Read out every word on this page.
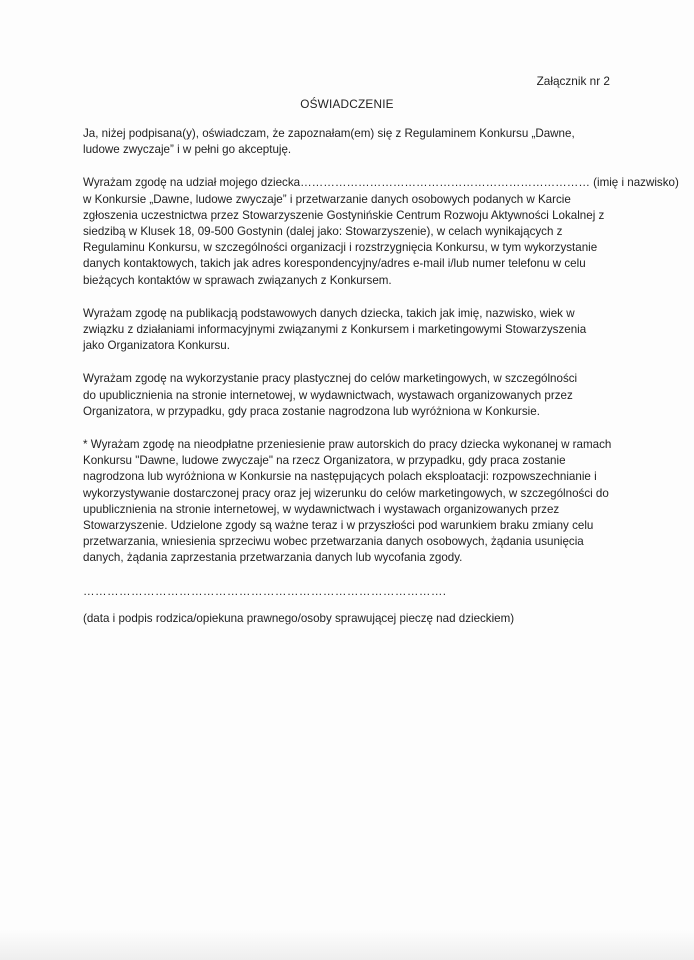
Załącznik nr 2
OŚWIADCZENIE

Ja, niżej podpisana(y), oświadczam, że zapoznałam(em) się z Regulaminem Konkursu „Dawne,
ludowe zwyczaje” i w pełni go akceptuję.

Wyrażam zgodę na udział mojego dziecka………………………………………………………………… (imię i nazwisko)
w Konkursie „Dawne, ludowe zwyczaje” i przetwarzanie danych osobowych podanych w Karcie
zgłoszenia uczestnictwa przez Stowarzyszenie Gostynińskie Centrum Rozwoju Aktywności Lokalnej z
siedzibą w Klusek 18, 09-500 Gostynin (dalej jako: Stowarzyszenie), w celach wynikających z
Regulaminu Konkursu, w szczególności organizacji i rozstrzygnięcia Konkursu, w tym wykorzystanie
danych kontaktowych, takich jak adres korespondencyjny/adres e-mail i/lub numer telefonu w celu
bieżących kontaktów w sprawach związanych z Konkursem.

Wyrażam zgodę na publikacją podstawowych danych dziecka, takich jak imię, nazwisko, wiek w
związku z działaniami informacyjnymi związanymi z Konkursem i marketingowymi Stowarzyszenia
jako Organizatora Konkursu.

Wyrażam zgodę na wykorzystanie pracy plastycznej do celów marketingowych, w szczególności
do upublicznienia na stronie internetowej, w wydawnictwach, wystawach organizowanych przez
Organizatora, w przypadku, gdy praca zostanie nagrodzona lub wyróżniona w Konkursie.

* Wyrażam zgodę na nieodpłatne przeniesienie praw autorskich do pracy dziecka wykonanej w ramach
Konkursu "Dawne, ludowe zwyczaje" na rzecz Organizatora, w przypadku, gdy praca zostanie
nagrodzona lub wyróżniona w Konkursie na następujących polach eksploatacji: rozpowszechnianie i
wykorzystywanie dostarczonej pracy oraz jej wizerunku do celów marketingowych, w szczególności do
upublicznienia na stronie internetowej, w wydawnictwach i wystawach organizowanych przez
Stowarzyszenie. Udzielone zgody są ważne teraz i w przyszłości pod warunkiem braku zmiany celu
przetwarzania, wniesienia sprzeciwu wobec przetwarzania danych osobowych, żądania usunięcia
danych, żądania zaprzestania przetwarzania danych lub wycofania zgody.

……………………………………………………………………………….
(data i podpis rodzica/opiekuna prawnego/osoby sprawującej pieczę nad dzieckiem)
